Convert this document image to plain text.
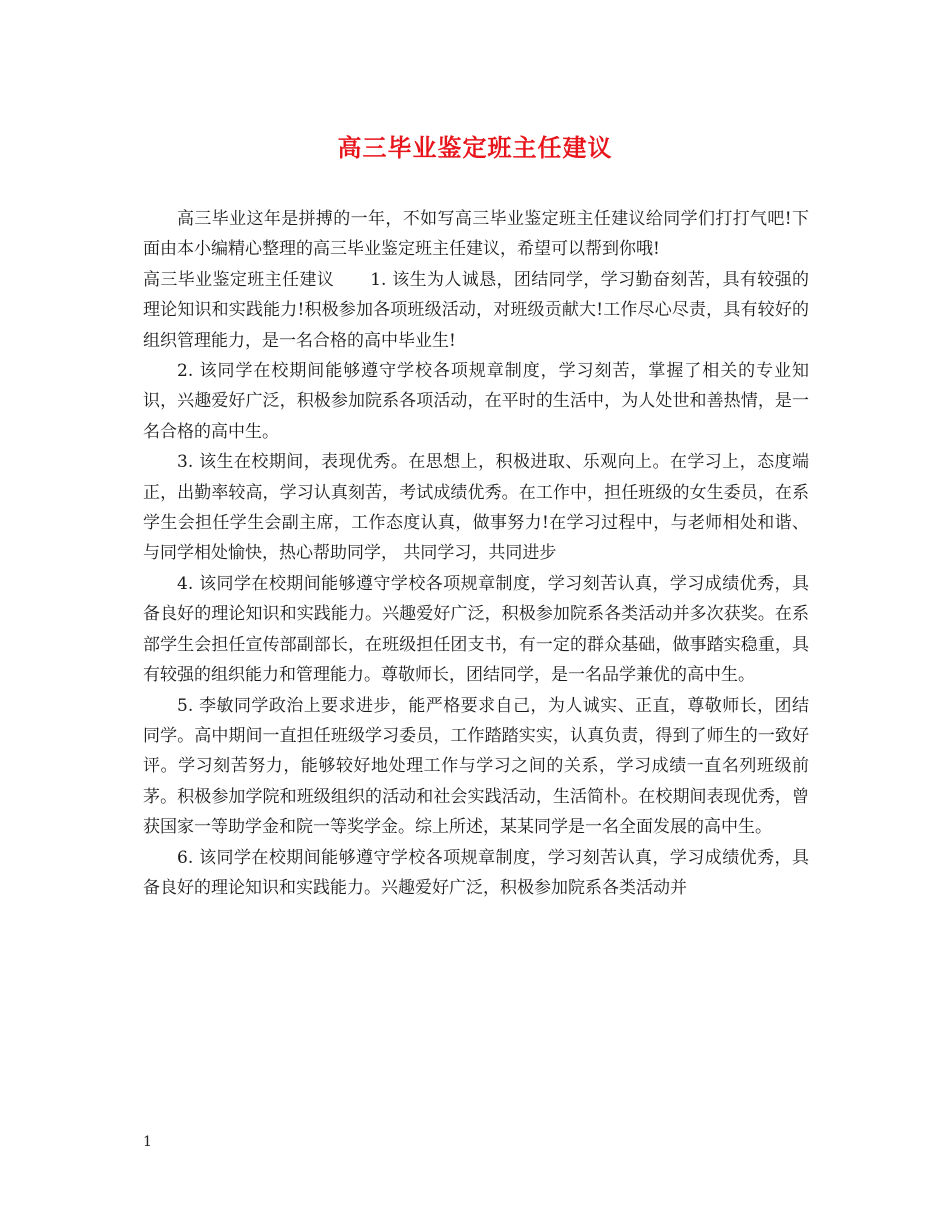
高三毕业鉴定班主任建议

高三毕业这年是拼搏的一年，不如写高三毕业鉴定班主任建议给同学们打打气吧!下面由本小编精心整理的高三毕业鉴定班主任建议，希望可以帮到你哦!

高三毕业鉴定班主任建议 1. 该生为人诚恳，团结同学，学习勤奋刻苦，具有较强的理论知识和实践能力!积极参加各项班级活动，对班级贡献大!工作尽心尽责，具有较好的组织管理能力，是一名合格的高中毕业生!

2. 该同学在校期间能够遵守学校各项规章制度，学习刻苦，掌握了相关的专业知识，兴趣爱好广泛，积极参加院系各项活动，在平时的生活中，为人处世和善热情，是一名合格的高中生。

3. 该生在校期间，表现优秀。在思想上，积极进取、乐观向上。在学习上，态度端正，出勤率较高，学习认真刻苦，考试成绩优秀。在工作中，担任班级的女生委员，在系学生会担任学生会副主席，工作态度认真，做事努力!在学习过程中，与老师相处和谐、与同学相处愉快，热心帮助同学， 共同学习，共同进步

4. 该同学在校期间能够遵守学校各项规章制度，学习刻苦认真，学习成绩优秀，具备良好的理论知识和实践能力。兴趣爱好广泛，积极参加院系各类活动并多次获奖。在系部学生会担任宣传部副部长，在班级担任团支书，有一定的群众基础，做事踏实稳重，具有较强的组织能力和管理能力。尊敬师长，团结同学，是一名品学兼优的高中生。

5. 李敏同学政治上要求进步，能严格要求自己，为人诚实、正直，尊敬师长，团结同学。高中期间一直担任班级学习委员，工作踏踏实实，认真负责，得到了师生的一致好评。学习刻苦努力，能够较好地处理工作与学习之间的关系，学习成绩一直名列班级前茅。积极参加学院和班级组织的活动和社会实践活动，生活简朴。在校期间表现优秀，曾获国家一等助学金和院一等奖学金。综上所述，某某同学是一名全面发展的高中生。

6. 该同学在校期间能够遵守学校各项规章制度，学习刻苦认真，学习成绩优秀，具备良好的理论知识和实践能力。兴趣爱好广泛，积极参加院系各类活动并

1
